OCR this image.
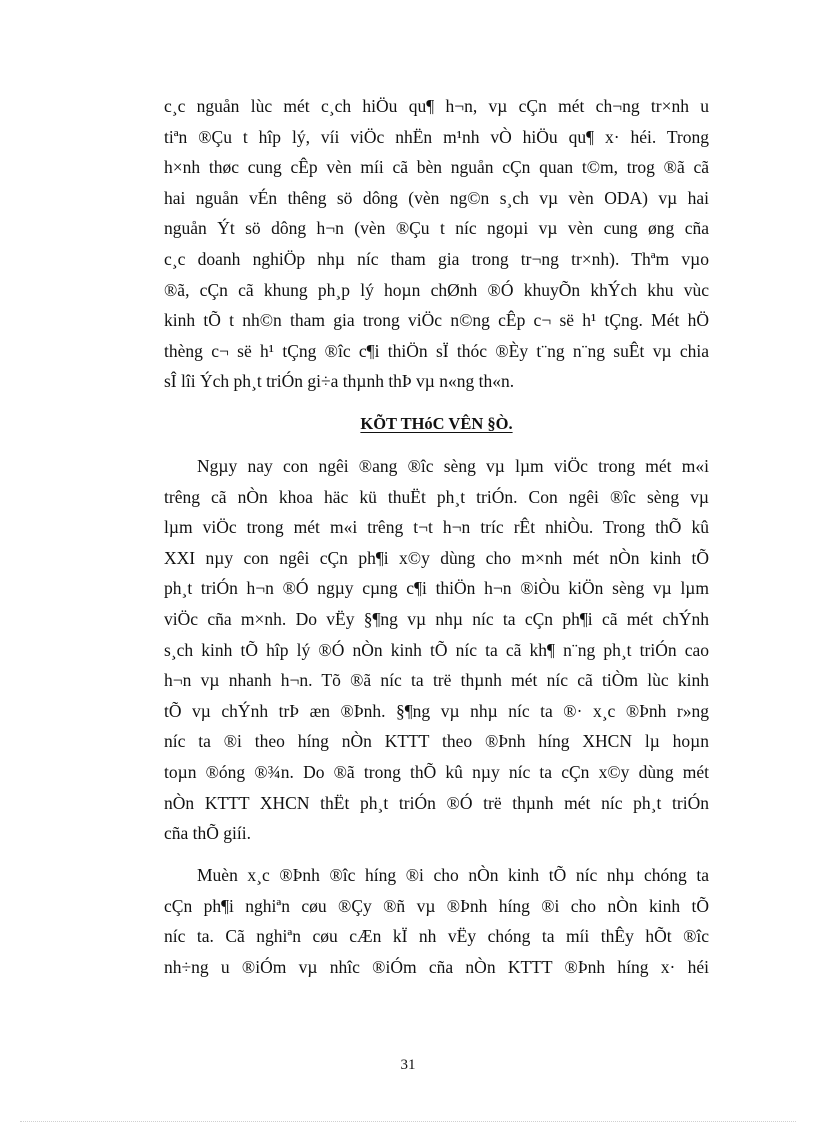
c¸c nguån lùc mét c¸ch hiÖu qu¶ h¬n, vµ cÇn mét ch¬ng tr×nh u
tiªn ®Çu t hîp lý, víi viÖc nhËn m¹nh vÒ hiÖu qu¶ x· héi. Trong
h×nh thøc cung cÊp vèn míi cã bèn nguån cÇn quan t©m, trog ®ã cã
hai nguån vÉn thêng sö dông (vèn ng©n s¸ch vµ vèn ODA) vµ hai
nguån Ýt sö dông h¬n (vèn ®Çu t níc ngoµi vµ vèn cung øng cña
c¸c doanh nghiÖp nhµ níc tham gia trong tr¬ng tr×nh). Thªm vµo
®ã, cÇn cã khung ph¸p lý hoµn chØnh ®Ó khuyÕn khÝch khu vùc
kinh tÕ t nh©n tham gia trong viÖc n©ng cÊp c¬ së h¹ tÇng. Mét hÖ
thèng c¬ së h¹ tÇng ®îc c¶i thiÖn sÏ thóc ®Èy t¨ng n¨ng suÊt vµ chia
sÎ lîi Ých ph¸t triÓn gi÷a thµnh thÞ vµ n«ng th«n.
KÕT THóC VÊN §Ò.
Ngµy nay con ngêi ®ang ®îc sèng vµ lµm viÖc trong mét m«i
trêng cã nÒn khoa häc kü thuËt ph¸t triÓn. Con ngêi ®îc sèng vµ
lµm viÖc trong mét m«i trêng t¬t h¬n tríc rÊt nhiÒu. Trong thÕ kû
XXI nµy con ngêi cÇn ph¶i x©y dùng cho m×nh mét nÒn kinh tÕ
ph¸t triÓn h¬n ®Ó ngµy cµng c¶i thiÖn h¬n ®iÒu kiÖn sèng vµ lµm
viÖc cña m×nh. Do vËy §¶ng vµ nhµ níc ta cÇn ph¶i cã mét chÝnh
s¸ch kinh tÕ hîp lý ®Ó nÒn kinh tÕ níc ta cã kh¶ n¨ng ph¸t triÓn cao
h¬n vµ nhanh h¬n. Tõ ®ã níc ta trë thµnh mét níc cã tiÒm lùc kinh
tÕ vµ chÝnh trÞ æn ®Þnh. §¶ng vµ nhµ níc ta ®· x¸c ®Þnh r»ng
níc ta ®i theo híng nÒn KTTT theo ®Þnh híng XHCN lµ hoµn
toµn ®óng ®¾n. Do ®ã trong thÕ kû nµy níc ta cÇn x©y dùng mét
nÒn KTTT XHCN thËt ph¸t triÓn ®Ó trë thµnh mét níc ph¸t triÓn
cña thÕ giíi.
Muèn x¸c ®Þnh ®îc híng ®i cho nÒn kinh tÕ níc nhµ chóng ta
cÇn ph¶i nghiªn cøu ®Çy ®ñ vµ ®Þnh híng ®i cho nÒn kinh tÕ
níc ta. Cã nghiªn cøu cÆn kÏ nh vËy chóng ta míi thÊy hÕt ®îc
nh÷ng u ®iÓm vµ nhîc ®iÓm cña nÒn KTTT ®Þnh híng x· héi
31
